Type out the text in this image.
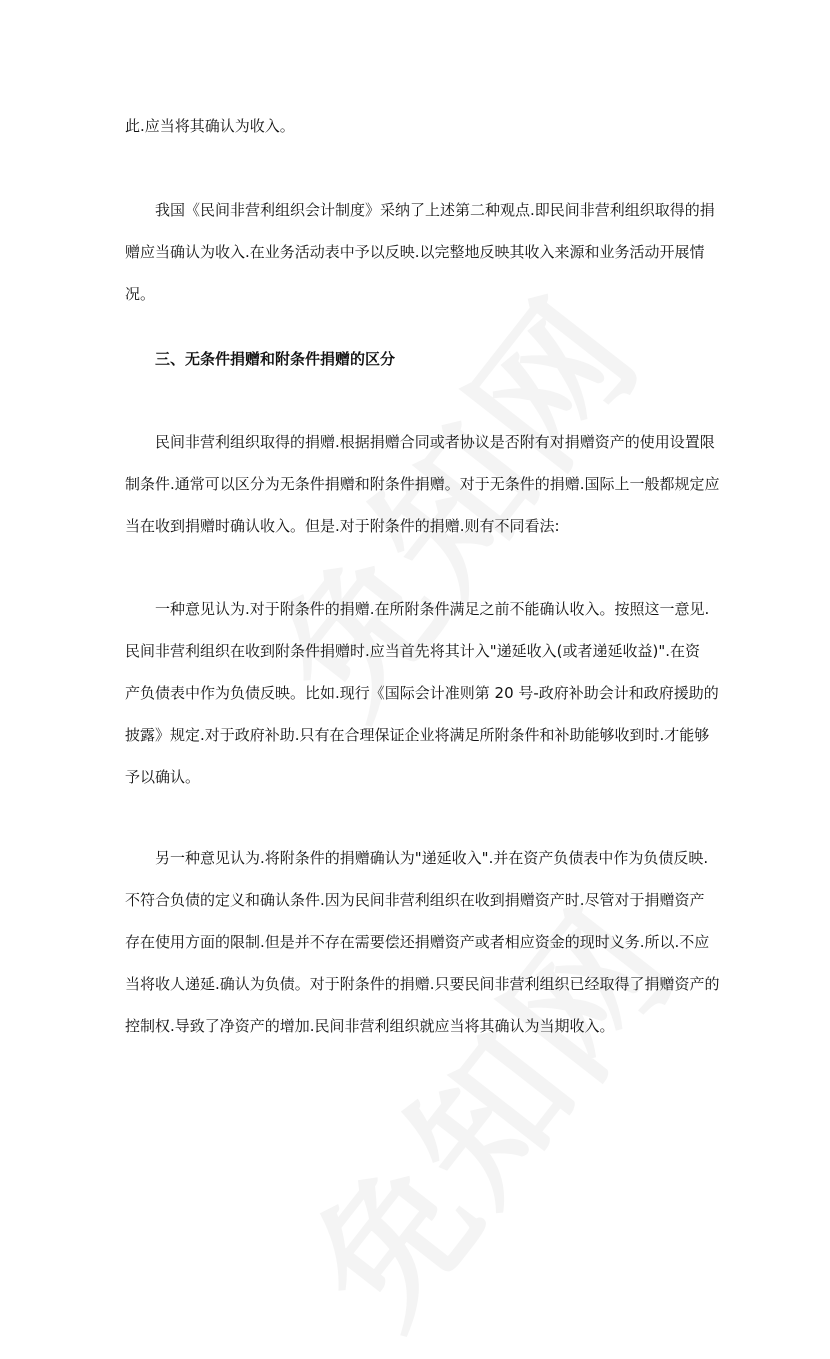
此.应当将其确认为收入。
我国《民间非营利组织会计制度》采纳了上述第二种观点.即民间非营利组织取得的捐
赠应当确认为收入.在业务活动表中予以反映.以完整地反映其收入来源和业务活动开展情
况。
三、无条件捐赠和附条件捐赠的区分
民间非营利组织取得的捐赠.根据捐赠合同或者协议是否附有对捐赠资产的使用设置限
制条件.通常可以区分为无条件捐赠和附条件捐赠。对于无条件的捐赠.国际上一般都规定应
当在收到捐赠时确认收入。但是.对于附条件的捐赠.则有不同看法:
一种意见认为.对于附条件的捐赠.在所附条件满足之前不能确认收入。按照这一意见.
民间非营利组织在收到附条件捐赠时.应当首先将其计入"递延收入(或者递延收益)".在资
产负债表中作为负债反映。比如.现行《国际会计准则第 20 号-政府补助会计和政府援助的
披露》规定.对于政府补助.只有在合理保证企业将满足所附条件和补助能够收到时.才能够
予以确认。
另一种意见认为.将附条件的捐赠确认为"递延收入".并在资产负债表中作为负债反映.
不符合负债的定义和确认条件.因为民间非营利组织在收到捐赠资产时.尽管对于捐赠资产
存在使用方面的限制.但是并不存在需要偿还捐赠资产或者相应资金的现时义务.所以.不应
当将收人递延.确认为负债。对于附条件的捐赠.只要民间非营利组织已经取得了捐赠资产的
控制权.导致了净资产的增加.民间非营利组织就应当将其确认为当期收入。
